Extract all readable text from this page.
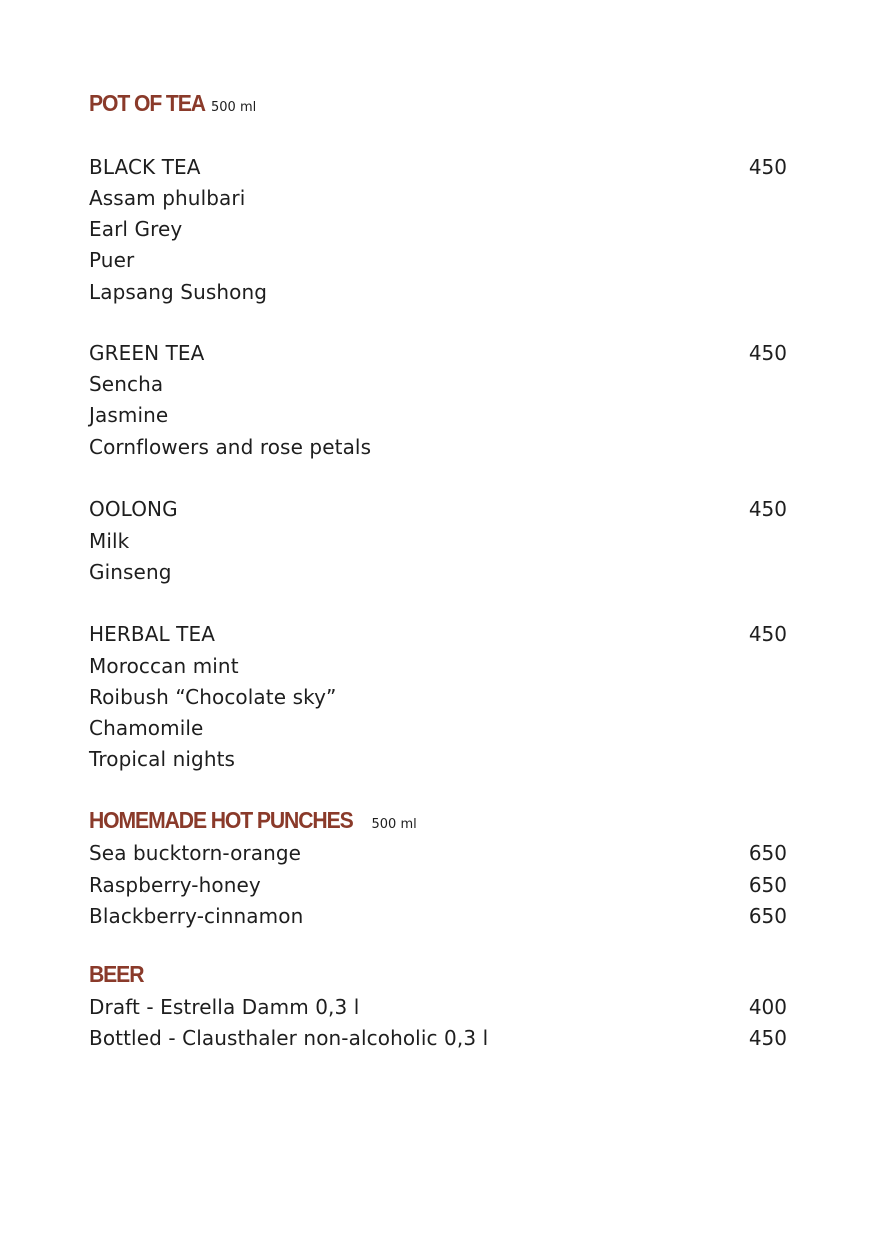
POT OF TEA 500 ml
BLACK TEA	450
Assam phulbari
Earl Grey
Puer
Lapsang Sushong
GREEN TEA	450
Sencha
Jasmine
Cornflowers and rose petals
OOLONG	450
Milk
Ginseng
HERBAL TEA	450
Moroccan mint
Roibush “Chocolate sky”
Chamomile
Tropical nights
HOMEMADE HOT PUNCHES 500 ml
Sea bucktorn-orange	650
Raspberry-honey	650
Blackberry-cinnamon	650
BEER
Draft - Estrella Damm 0,3 l	400
Bottled - Clausthaler non-alcoholic 0,3 l	450
